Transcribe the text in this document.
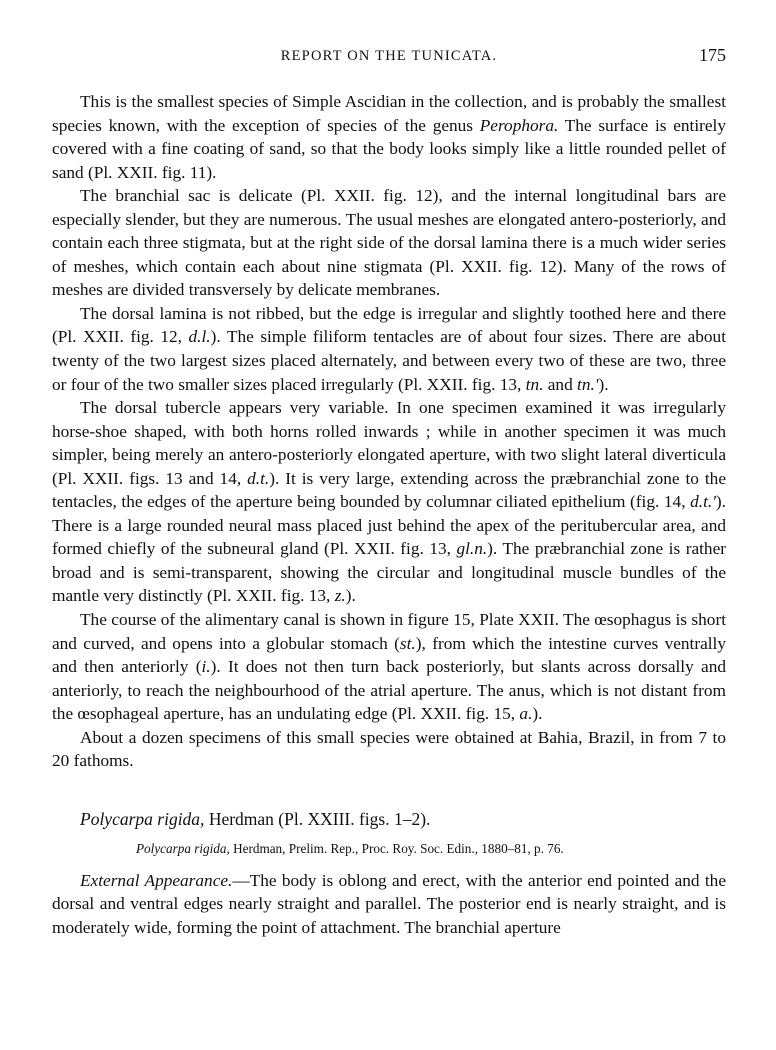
REPORT ON THE TUNICATA.	175

This is the smallest species of Simple Ascidian in the collection, and is probably the smallest species known, with the exception of species of the genus Perophora. The surface is entirely covered with a fine coating of sand, so that the body looks simply like a little rounded pellet of sand (Pl. XXII. fig. 11).

The branchial sac is delicate (Pl. XXII. fig. 12), and the internal longitudinal bars are especially slender, but they are numerous. The usual meshes are elongated antero-posteriorly, and contain each three stigmata, but at the right side of the dorsal lamina there is a much wider series of meshes, which contain each about nine stigmata (Pl. XXII. fig. 12). Many of the rows of meshes are divided transversely by delicate membranes.

The dorsal lamina is not ribbed, but the edge is irregular and slightly toothed here and there (Pl. XXII. fig. 12, d.l.). The simple filiform tentacles are of about four sizes. There are about twenty of the two largest sizes placed alternately, and between every two of these are two, three or four of the two smaller sizes placed irregularly (Pl. XXII. fig. 13, tn. and tn.').

The dorsal tubercle appears very variable. In one specimen examined it was irregularly horse-shoe shaped, with both horns rolled inwards ; while in another specimen it was much simpler, being merely an antero-posteriorly elongated aperture, with two slight lateral diverticula (Pl. XXII. figs. 13 and 14, d.t.). It is very large, extending across the præbranchial zone to the tentacles, the edges of the aperture being bounded by columnar ciliated epithelium (fig. 14, d.t.'). There is a large rounded neural mass placed just behind the apex of the peritubercular area, and formed chiefly of the subneural gland (Pl. XXII. fig. 13, gl.n.). The præbranchial zone is rather broad and is semi-transparent, showing the circular and longitudinal muscle bundles of the mantle very distinctly (Pl. XXII. fig. 13, z.).

The course of the alimentary canal is shown in figure 15, Plate XXII. The œsophagus is short and curved, and opens into a globular stomach (st.), from which the intestine curves ventrally and then anteriorly (i.). It does not then turn back posteriorly, but slants across dorsally and anteriorly, to reach the neighbourhood of the atrial aperture. The anus, which is not distant from the œsophageal aperture, has an undulating edge (Pl. XXII. fig. 15, a.).

About a dozen specimens of this small species were obtained at Bahia, Brazil, in from 7 to 20 fathoms.

Polycarpa rigida, Herdman (Pl. XXIII. figs. 1–2).
Polycarpa rigida, Herdman, Prelim. Rep., Proc. Roy. Soc. Edin., 1880–81, p. 76.

External Appearance.—The body is oblong and erect, with the anterior end pointed and the dorsal and ventral edges nearly straight and parallel. The posterior end is nearly straight, and is moderately wide, forming the point of attachment. The branchial aperture
